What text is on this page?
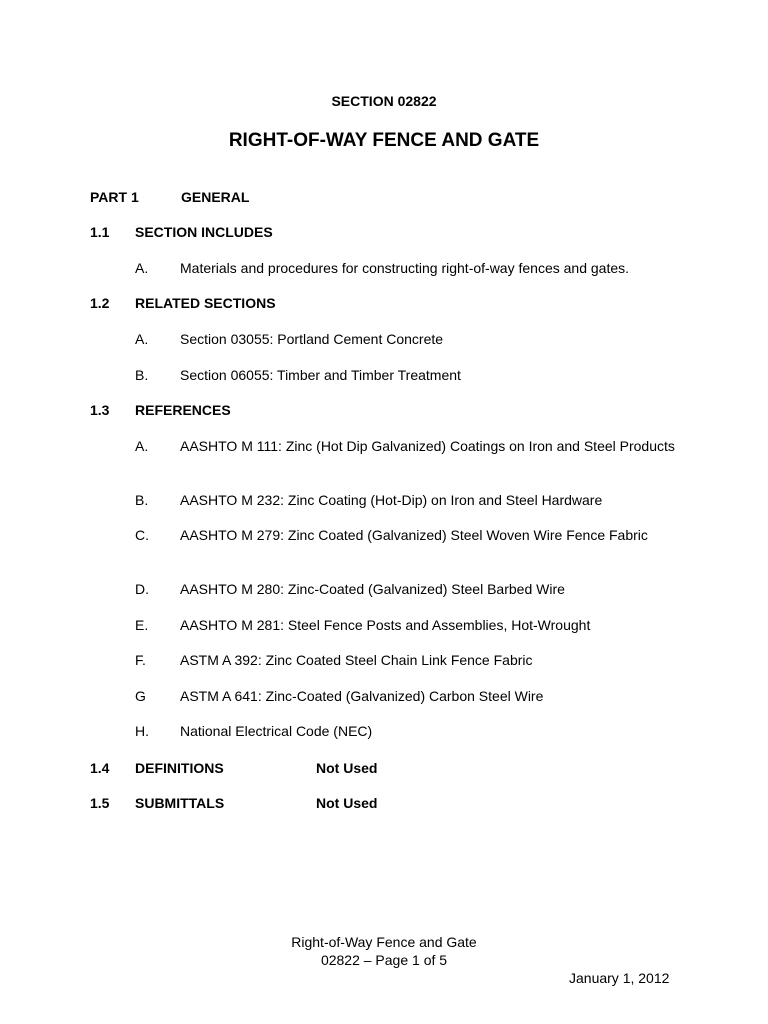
SECTION 02822
RIGHT-OF-WAY FENCE AND GATE
PART 1	GENERAL
1.1 SECTION INCLUDES
A. Materials and procedures for constructing right-of-way fences and gates.
1.2 RELATED SECTIONS
A. Section 03055: Portland Cement Concrete
B. Section 06055: Timber and Timber Treatment
1.3 REFERENCES
A. AASHTO M 111: Zinc (Hot Dip Galvanized) Coatings on Iron and Steel Products
B. AASHTO M 232: Zinc Coating (Hot-Dip) on Iron and Steel Hardware
C. AASHTO M 279: Zinc Coated (Galvanized) Steel Woven Wire Fence Fabric
D. AASHTO M 280: Zinc-Coated (Galvanized) Steel Barbed Wire
E. AASHTO M 281: Steel Fence Posts and Assemblies, Hot-Wrought
F. ASTM A 392: Zinc Coated Steel Chain Link Fence Fabric
G ASTM A 641: Zinc-Coated (Galvanized) Carbon Steel Wire
H. National Electrical Code (NEC)
1.4 DEFINITIONS	Not Used
1.5 SUBMITTALS	Not Used
Right-of-Way Fence and Gate
02822 – Page 1 of 5
January 1, 2012
